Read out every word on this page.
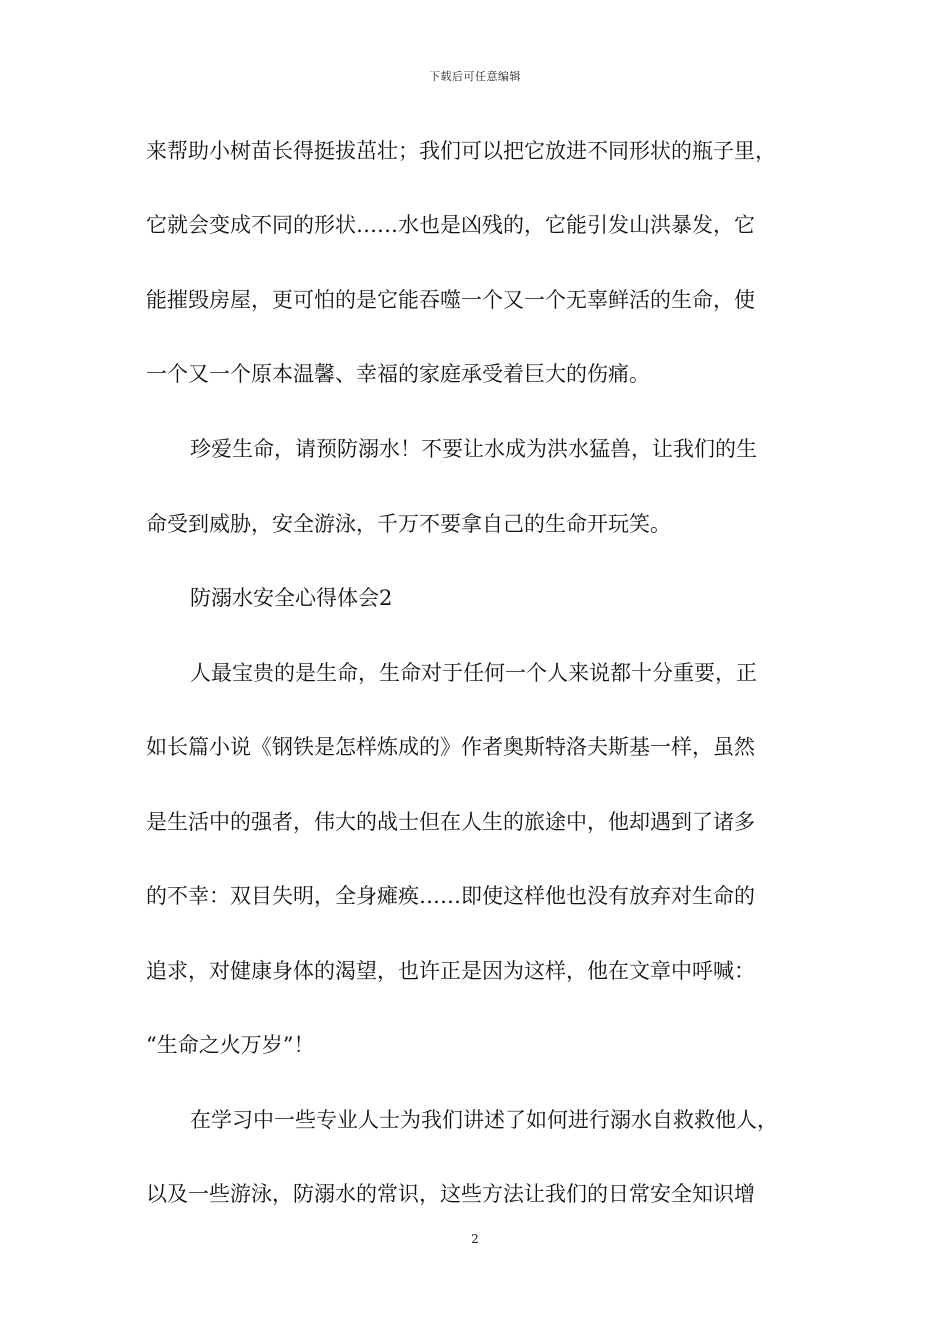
下载后可任意编辑
来帮助小树苗长得挺拔茁壮；我们可以把它放进不同形状的瓶子里，
它就会变成不同的形状……水也是凶残的，它能引发山洪暴发，它
能摧毁房屋，更可怕的是它能吞噬一个又一个无辜鲜活的生命，使
一个又一个原本温馨、幸福的家庭承受着巨大的伤痛。
珍爱生命，请预防溺水！不要让水成为洪水猛兽，让我们的生
命受到威胁，安全游泳，千万不要拿自己的生命开玩笑。
防溺水安全心得体会2
人最宝贵的是生命，生命对于任何一个人来说都十分重要，正
如长篇小说《钢铁是怎样炼成的》作者奥斯特洛夫斯基一样，虽然
是生活中的强者，伟大的战士但在人生的旅途中，他却遇到了诸多
的不幸：双目失明，全身瘫痪……即使这样他也没有放弃对生命的
追求，对健康身体的渴望，也许正是因为这样，他在文章中呼喊：
“生命之火万岁”！
在学习中一些专业人士为我们讲述了如何进行溺水自救救他人，
以及一些游泳，防溺水的常识，这些方法让我们的日常安全知识增
2
